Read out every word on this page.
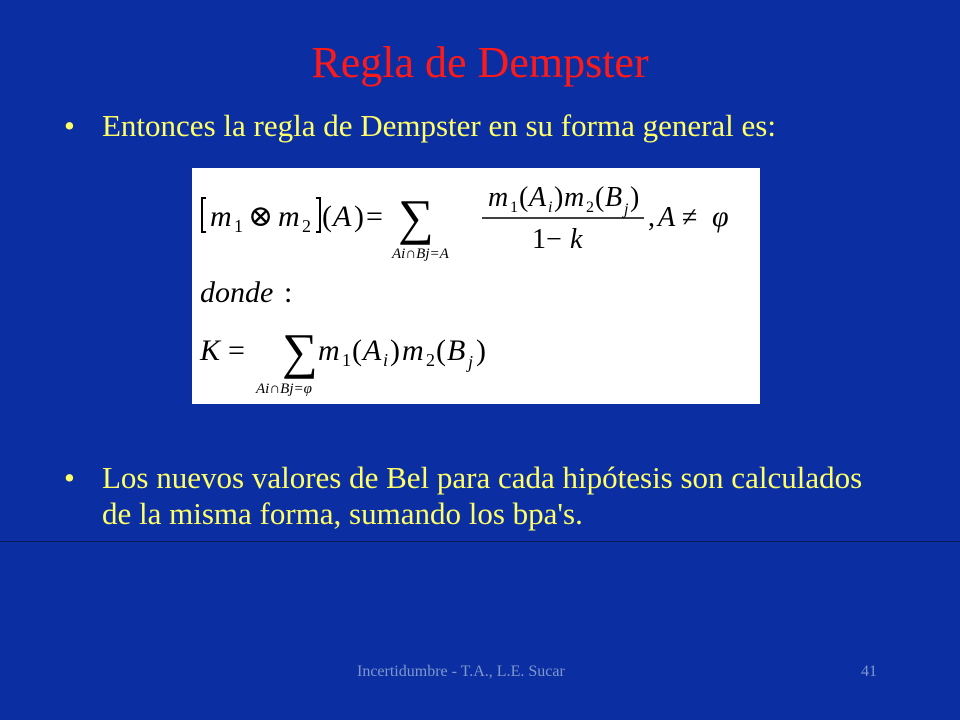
Regla de Dempster
• Entonces la regla de Dempster en su forma general es:
m 1 ⊗ m 2 ( A ) = ∑
Ai∩Bj=A
m 1 ( A i ) m 2 ( B j )
1− k
, A ≠ φ
donde :
K = ∑
Ai∩Bj=φ
m 1 ( A i ) m 2 ( B j )
• Los nuevos valores de Bel para cada hipótesis son calculados de la misma forma, sumando los bpa's.
Incertidumbre - T.A., L.E. Sucar	41
